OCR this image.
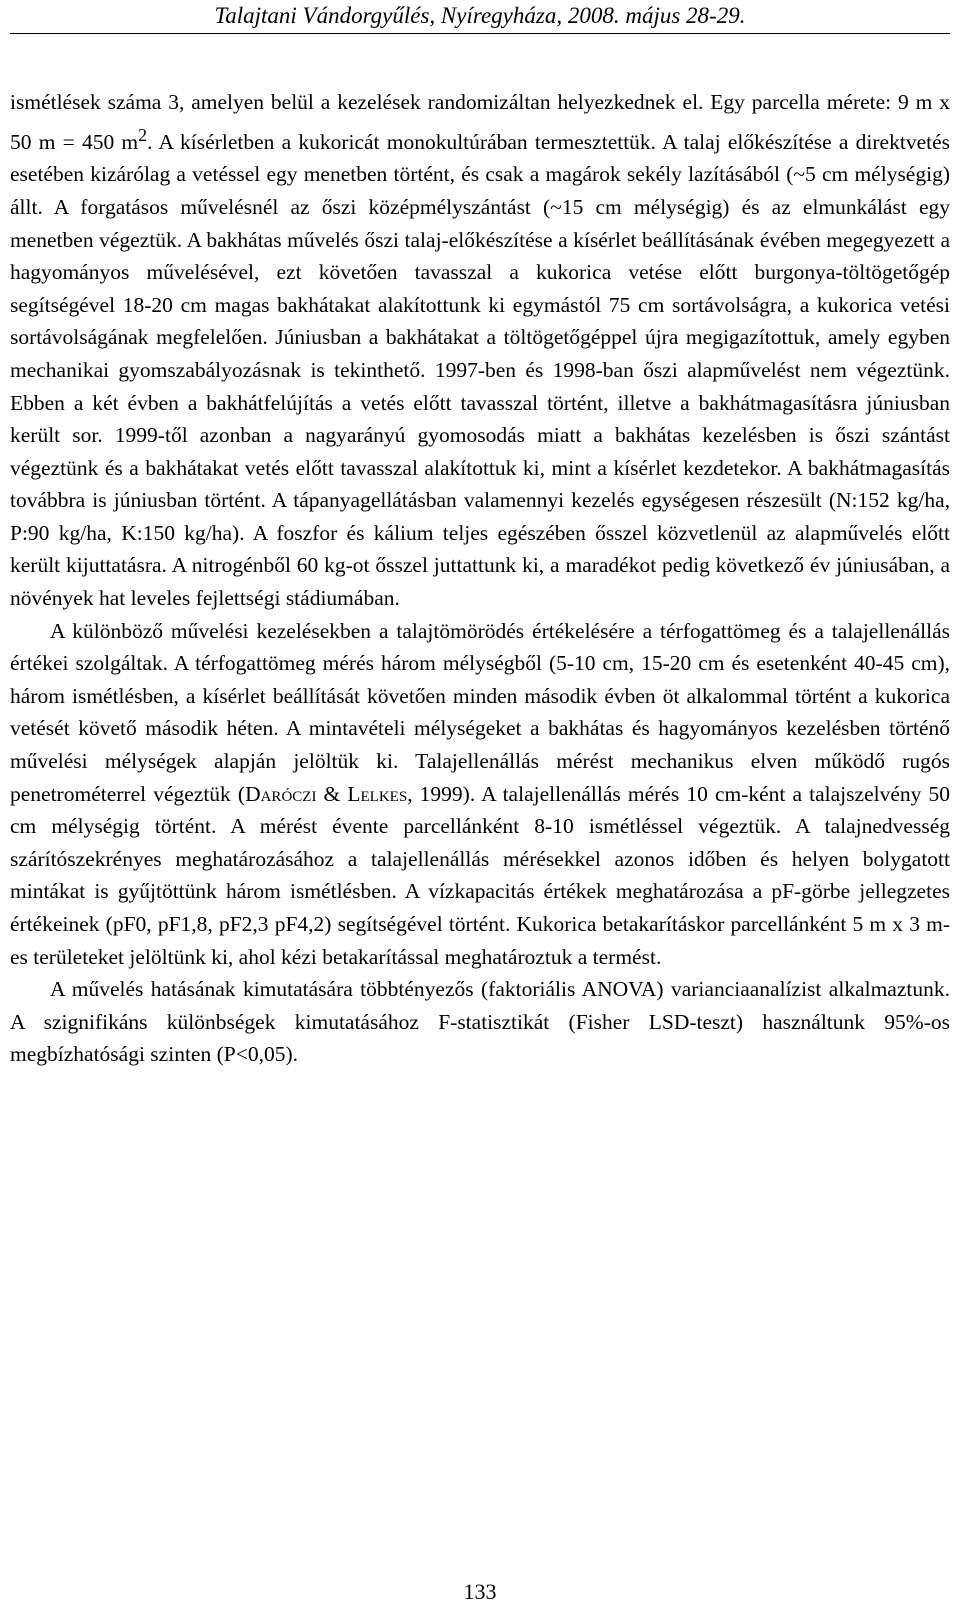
Talajtani Vándorgyűlés, Nyíregyháza, 2008. május 28-29.

ismétlések száma 3, amelyen belül a kezelések randomizáltan helyezkednek el. Egy parcella mérete: 9 m x 50 m = 450 $m^2$. A kísérletben a kukoricát monokultúrában termesztettük. A talaj előkészítése a direktvetés esetében kizárólag a vetéssel egy menetben történt, és csak a magárok sekély lazításából (~5 cm mélységig) állt. A forgatásos művelésnél az őszi középmélyszántást (~15 cm mélységig) és az elmunkálást egy menetben végeztük. A bakhátas művelés őszi talaj-előkészítése a kísérlet beállításának évében megegyezett a hagyományos művelésével, ezt követően tavasszal a kukorica vetése előtt burgonya-töltögetőgép segítségével 18-20 cm magas bakhátakat alakítottunk ki egymástól 75 cm sortávolságra, a kukorica vetési sortávolságának megfelelően. Júniusban a bakhátakat a töltögetőgéppel újra megigazítottuk, amely egyben mechanikai gyomszabályozásnak is tekinthető. 1997-ben és 1998-ban őszi alapművelést nem végeztünk. Ebben a két évben a bakhátfelújítás a vetés előtt tavasszal történt, illetve a bakhátmagasításra júniusban került sor. 1999-től azonban a nagyarányú gyomosodás miatt a bakhátas kezelésben is őszi szántást végeztünk és a bakhátakat vetés előtt tavasszal alakítottuk ki, mint a kísérlet kezdetekor. A bakhátmagasítás továbbra is júniusban történt. A tápanyagellátásban valamennyi kezelés egységesen részesült (N:152 kg/ha, P:90 kg/ha, K:150 kg/ha). A foszfor és kálium teljes egészében ősszel közvetlenül az alapművelés előtt került kijuttatásra. A nitrogénből 60 kg-ot ősszel juttattunk ki, a maradékot pedig következő év júniusában, a növények hat leveles fejlettségi stádiumában.

A különböző művelési kezelésekben a talajtömörödés értékelésére a térfogattömeg és a talajellenállás értékei szolgáltak. A térfogattömeg mérés három mélységből (5-10 cm, 15-20 cm és esetenként 40-45 cm), három ismétlésben, a kísérlet beállítását követően minden második évben öt alkalommal történt a kukorica vetését követő második héten. A mintavételi mélységeket a bakhátas és hagyományos kezelésben történő művelési mélységek alapján jelöltük ki. Talajellenállás mérést mechanikus elven működő rugós penetrométerrel végeztük (Daróczi & Lelkes, 1999). A talajellenállás mérés 10 cm-ként a talajszelvény 50 cm mélységig történt. A mérést évente parcellánként 8-10 ismétléssel végeztük. A talajnedvesség szárítószekrényes meghatározásához a talajellenállás mérésekkel azonos időben és helyen bolygatott mintákat is gyűjtöttünk három ismétlésben. A vízkapacitás értékek meghatározása a pF-görbe jellegzetes értékeinek (pF0, pF1,8, pF2,3 pF4,2) segítségével történt. Kukorica betakarításkor parcellánként 5 m x 3 m-es területeket jelöltünk ki, ahol kézi betakarítással meghatároztuk a termést.

A művelés hatásának kimutatására többtényezős (faktoriális ANOVA) varianciaanalízist alkalmaztunk. A szignifikáns különbségek kimutatásához F-statisztikát (Fisher LSD-teszt) használtunk 95%-os megbízhatósági szinten (P<0,05).

133
